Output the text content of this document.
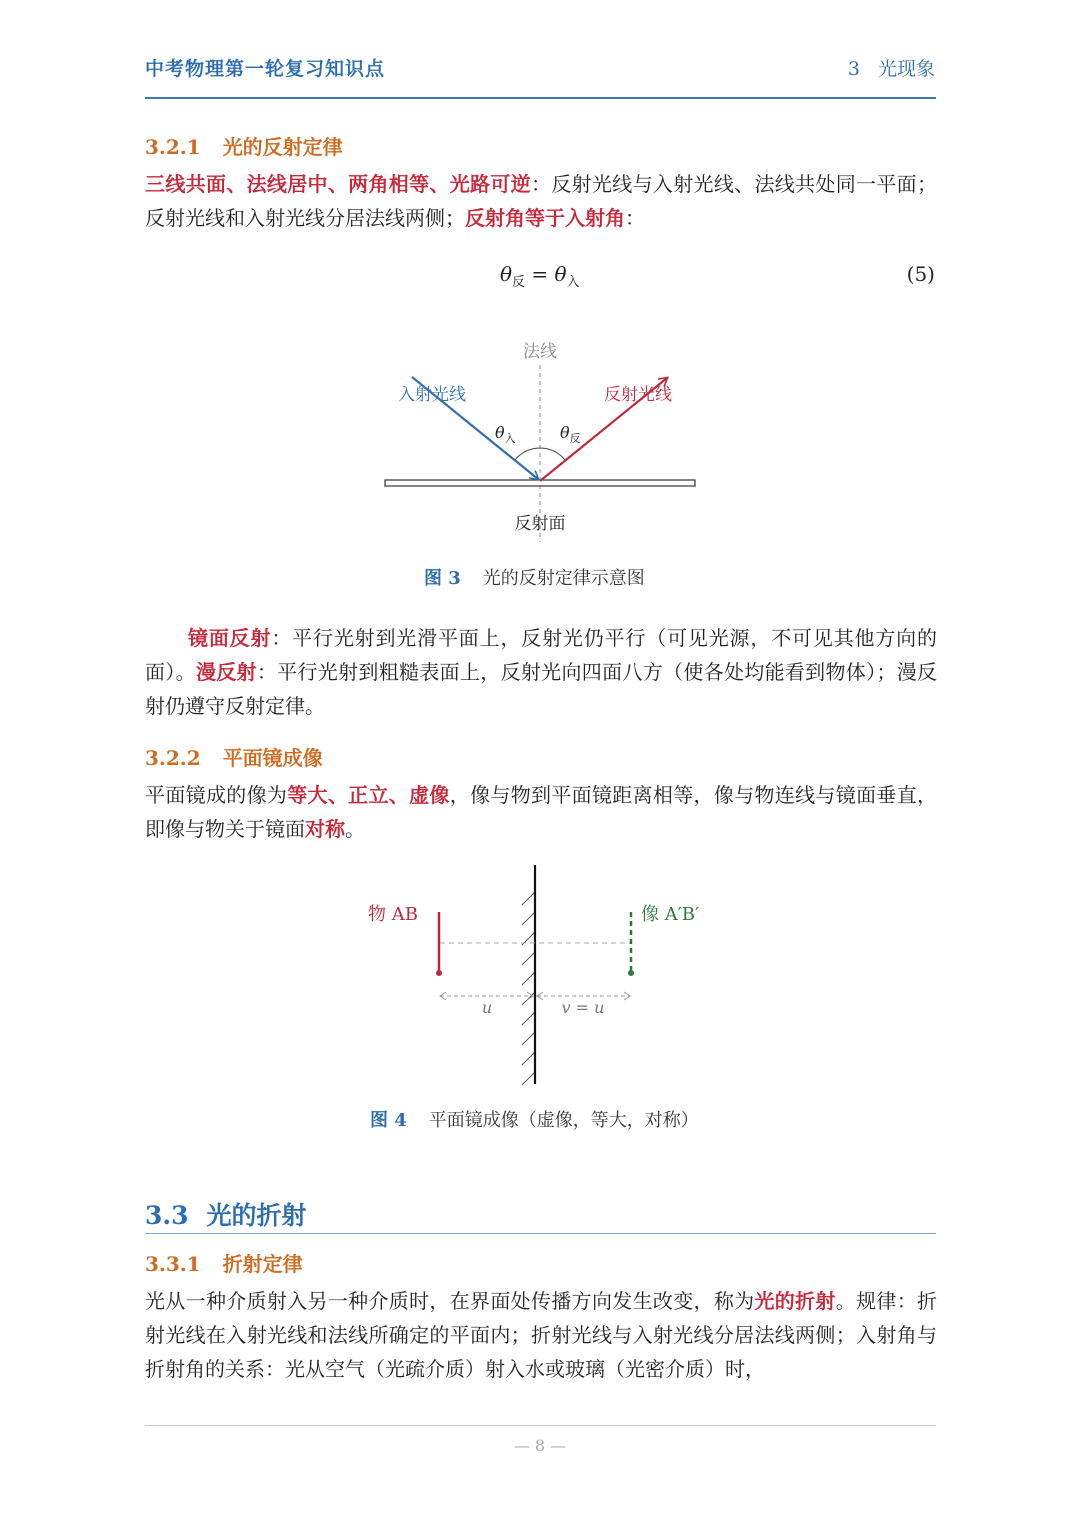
中考物理第一轮复习知识点	3 光现象
3.2.1 光的反射定律
三线共面、法线居中、两角相等、光路可逆：反射光线与入射光线、法线共处同一平面；反射光线和入射光线分居法线两侧；反射角等于入射角：
$\theta_反 = \theta_入$	(5)
法线
入射光线	反射光线
$\theta_入$	$\theta_反$
反射面
图 3 光的反射定律示意图
镜面反射：平行光射到光滑平面上，反射光仍平行（可见光源，不可见其他方向的面）。漫反射：平行光射到粗糙表面上，反射光向四面八方（使各处均能看到物体）；漫反射仍遵守反射定律。
3.2.2 平面镜成像
平面镜成的像为等大、正立、虚像，像与物到平面镜距离相等，像与物连线与镜面垂直，即像与物关于镜面对称。
物 AB	像 A′B′
u	v = u
图 4 平面镜成像（虚像，等大，对称）
3.3 光的折射
3.3.1 折射定律
光从一种介质射入另一种介质时，在界面处传播方向发生改变，称为光的折射。规律：折射光线在入射光线和法线所确定的平面内；折射光线与入射光线分居法线两侧；入射角与折射角的关系：光从空气（光疏介质）射入水或玻璃（光密介质）时，
— 8 —
